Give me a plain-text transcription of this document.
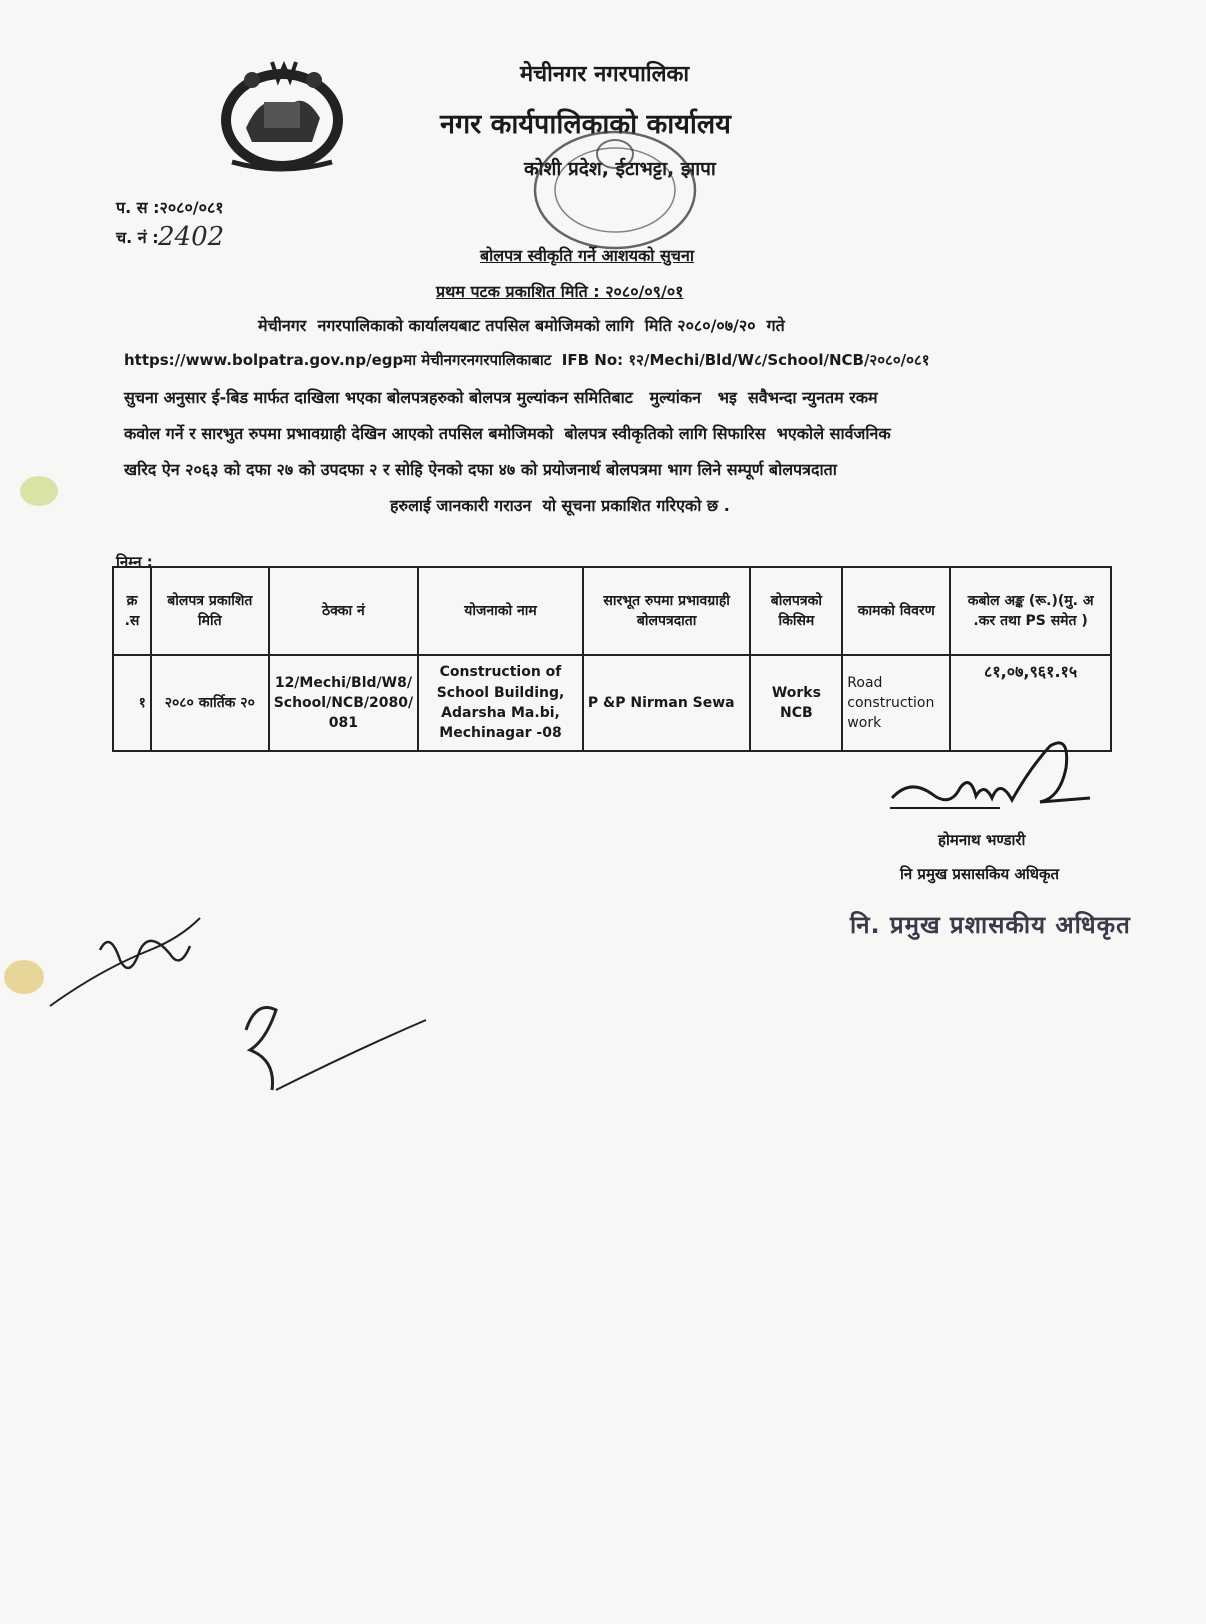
मेचीनगर नगरपालिका
नगर कार्यपालिकाको कार्यालय
कोशी प्रदेश, ईटाभट्टा, झापा
प. स :२०८०/०८१
च. नं : 2402
बोलपत्र स्वीकृति गर्ने आशयको सुचना
प्रथम पटक प्रकाशित मिति : २०८०/०९/०१
मेचीनगर  नगरपालिकाको कार्यालयबाट तपसिल बमोजिमको लागि  मिति २०८०/०७/२०  गते
https://www.bolpatra.gov.np/egpमा मेचीनगरनगरपालिकाबाट  IFB No: १२/Mechi/Bld/W८/School/NCB/२०८०/०८१
सुचना अनुसार ई-बिड मार्फत दाखिला भएका बोलपत्रहरुको बोलपत्र मुल्यांकन समितिबाट   मुल्यांकन   भइ  सवैभन्दा न्युनतम रकम
कवोल गर्ने र सारभुत रुपमा प्रभावग्राही देखिन आएको तपसिल बमोजिमको  बोलपत्र स्वीकृतिको लागि सिफारिस  भएकोले सार्वजनिक
खरिद ऐन २०६३ को दफा २७ को उपदफा २ र सोहि ऐनको दफा ४७ को प्रयोजनार्थ बोलपत्रमा भाग लिने सम्पूर्ण बोलपत्रदाता
हरुलाई जानकारी गराउन  यो सूचना प्रकाशित गरिएको छ .
निम्न :
क्र .स	बोलपत्र प्रकाशित मिति	ठेक्का नं	योजनाको नाम	सारभूत रुपमा प्रभावग्राही बोलपत्रदाता	बोलपत्रको किसिम	कामको विवरण	कबोल अङ्क (रू.)(मु. अ .कर तथा PS समेत )
१	२०८० कार्तिक २०	12/Mechi/Bld/W8/School/NCB/2080/081	Construction of School Building, Adarsha Ma.bi, Mechinagar -08	P &P Nirman Sewa	Works NCB	Road construction work	८१,०७,९६१.१५
होमनाथ भण्डारी
नि प्रमुख प्रसासकिय अधिकृत
नि. प्रमुख प्रशासकीय अधिकृत
